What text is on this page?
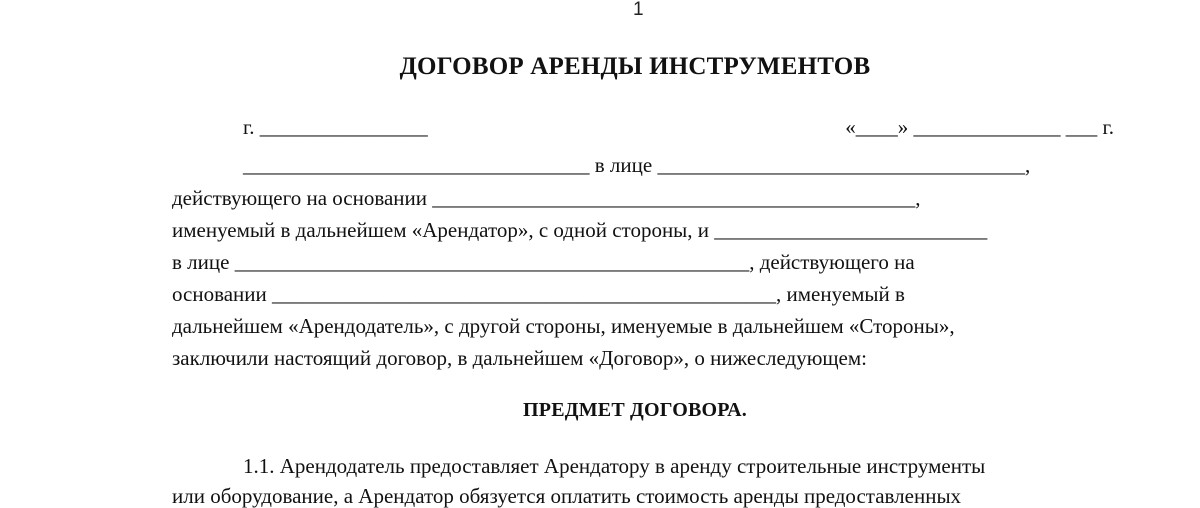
1
ДОГОВОР АРЕНДЫ ИНСТРУМЕНТОВ
г. ________________	«____» ______________ ___ г.
_________________________________ в лице ___________________________________,
действующего на основании ______________________________________________,
именуемый в дальнейшем «Арендатор», с одной стороны, и __________________________
в лице _________________________________________________, действующего на
основании ________________________________________________, именуемый в
дальнейшем «Арендодатель», с другой стороны, именуемые в дальнейшем «Стороны»,
заключили настоящий договор, в дальнейшем «Договор», о нижеследующем:
ПРЕДМЕТ ДОГОВОРА.
1.1. Арендодатель предоставляет Арендатору в аренду строительные инструменты
или оборудование, а Арендатор обязуется оплатить стоимость аренды предоставленных
